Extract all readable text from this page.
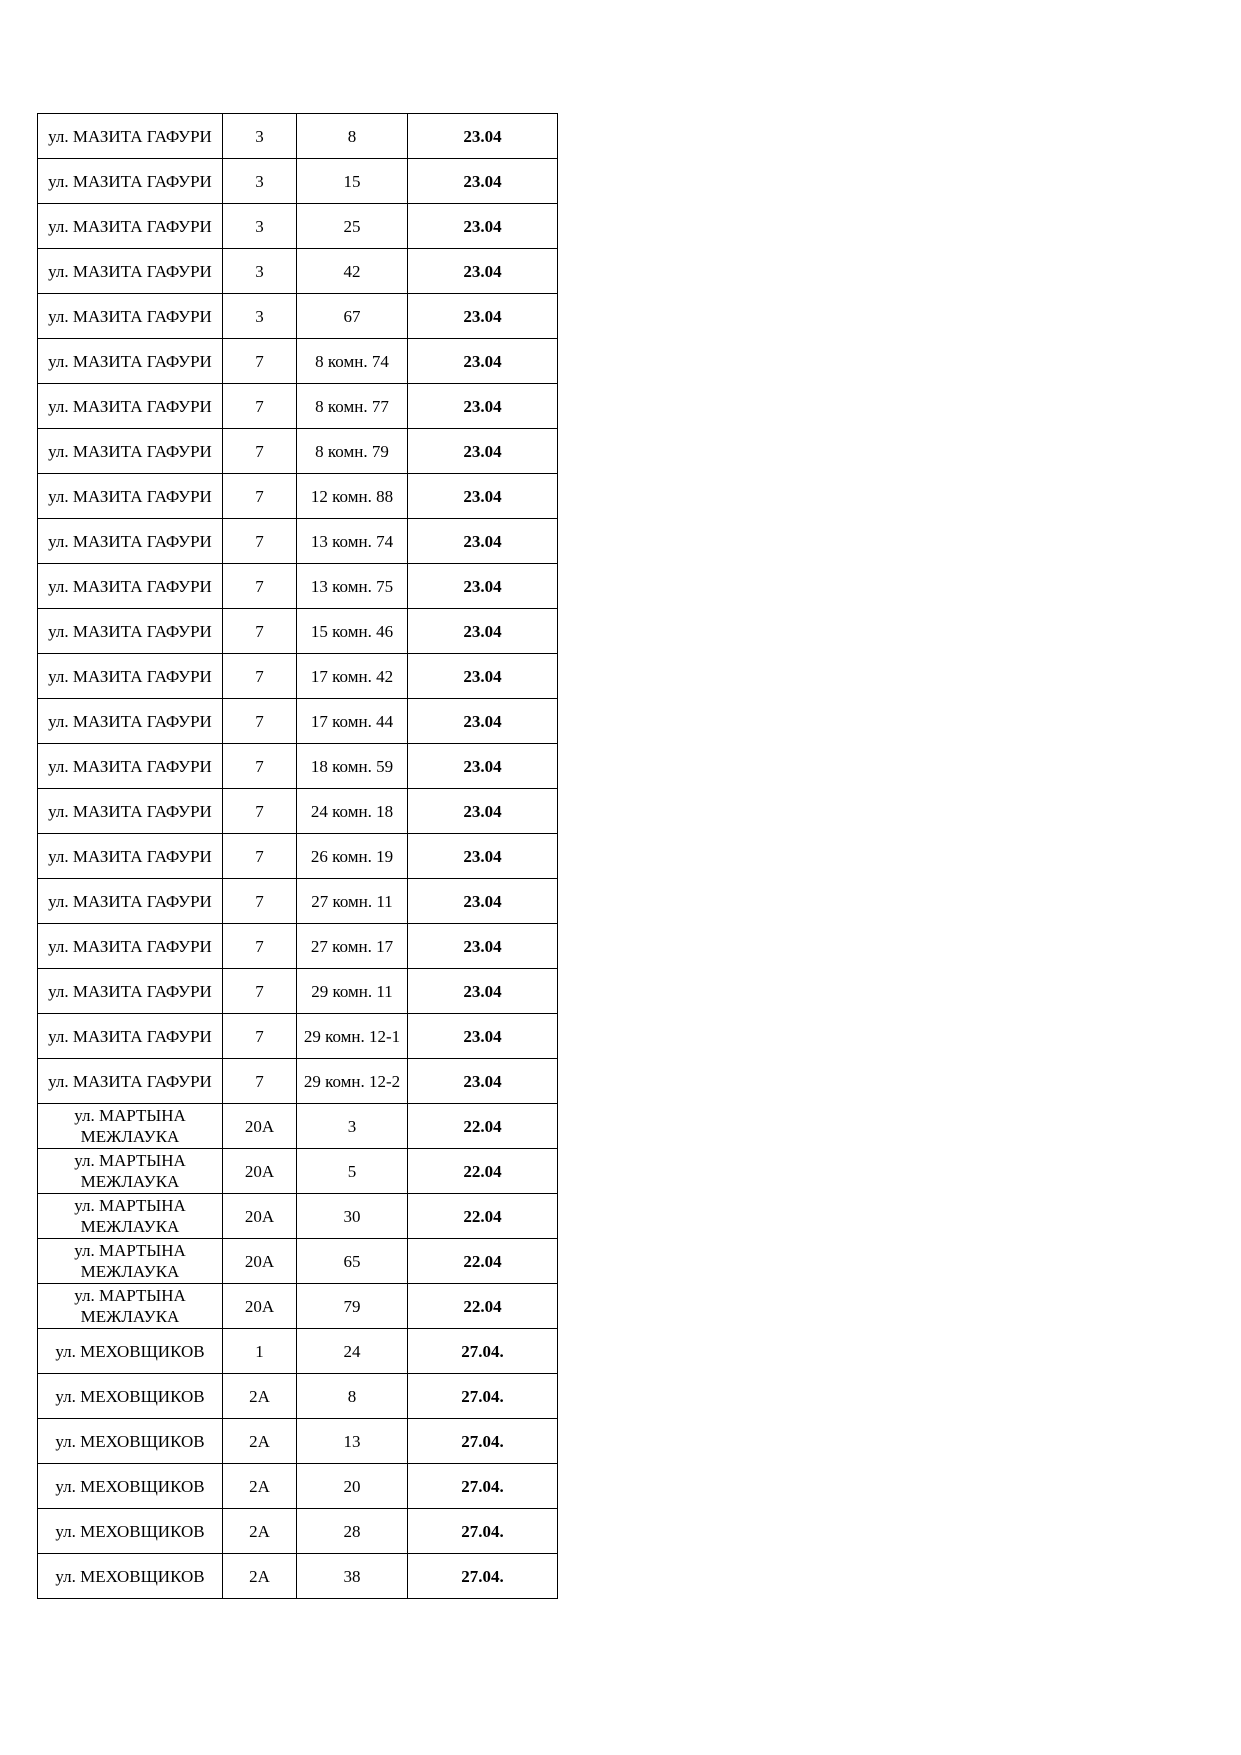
ул. МАЗИТА ГАФУРИ	3	8	23.04
ул. МАЗИТА ГАФУРИ	3	15	23.04
ул. МАЗИТА ГАФУРИ	3	25	23.04
ул. МАЗИТА ГАФУРИ	3	42	23.04
ул. МАЗИТА ГАФУРИ	3	67	23.04
ул. МАЗИТА ГАФУРИ	7	8 комн. 74	23.04
ул. МАЗИТА ГАФУРИ	7	8 комн. 77	23.04
ул. МАЗИТА ГАФУРИ	7	8 комн. 79	23.04
ул. МАЗИТА ГАФУРИ	7	12 комн. 88	23.04
ул. МАЗИТА ГАФУРИ	7	13 комн. 74	23.04
ул. МАЗИТА ГАФУРИ	7	13 комн. 75	23.04
ул. МАЗИТА ГАФУРИ	7	15 комн. 46	23.04
ул. МАЗИТА ГАФУРИ	7	17 комн. 42	23.04
ул. МАЗИТА ГАФУРИ	7	17 комн. 44	23.04
ул. МАЗИТА ГАФУРИ	7	18 комн. 59	23.04
ул. МАЗИТА ГАФУРИ	7	24 комн. 18	23.04
ул. МАЗИТА ГАФУРИ	7	26 комн. 19	23.04
ул. МАЗИТА ГАФУРИ	7	27 комн. 11	23.04
ул. МАЗИТА ГАФУРИ	7	27 комн. 17	23.04
ул. МАЗИТА ГАФУРИ	7	29 комн. 11	23.04
ул. МАЗИТА ГАФУРИ	7	29 комн. 12-1	23.04
ул. МАЗИТА ГАФУРИ	7	29 комн. 12-2	23.04
ул. МАРТЫНА МЕЖЛАУКА	20А	3	22.04
ул. МАРТЫНА МЕЖЛАУКА	20А	5	22.04
ул. МАРТЫНА МЕЖЛАУКА	20А	30	22.04
ул. МАРТЫНА МЕЖЛАУКА	20А	65	22.04
ул. МАРТЫНА МЕЖЛАУКА	20А	79	22.04
ул. МЕХОВЩИКОВ	1	24	27.04.
ул. МЕХОВЩИКОВ	2А	8	27.04.
ул. МЕХОВЩИКОВ	2А	13	27.04.
ул. МЕХОВЩИКОВ	2А	20	27.04.
ул. МЕХОВЩИКОВ	2А	28	27.04.
ул. МЕХОВЩИКОВ	2А	38	27.04.
